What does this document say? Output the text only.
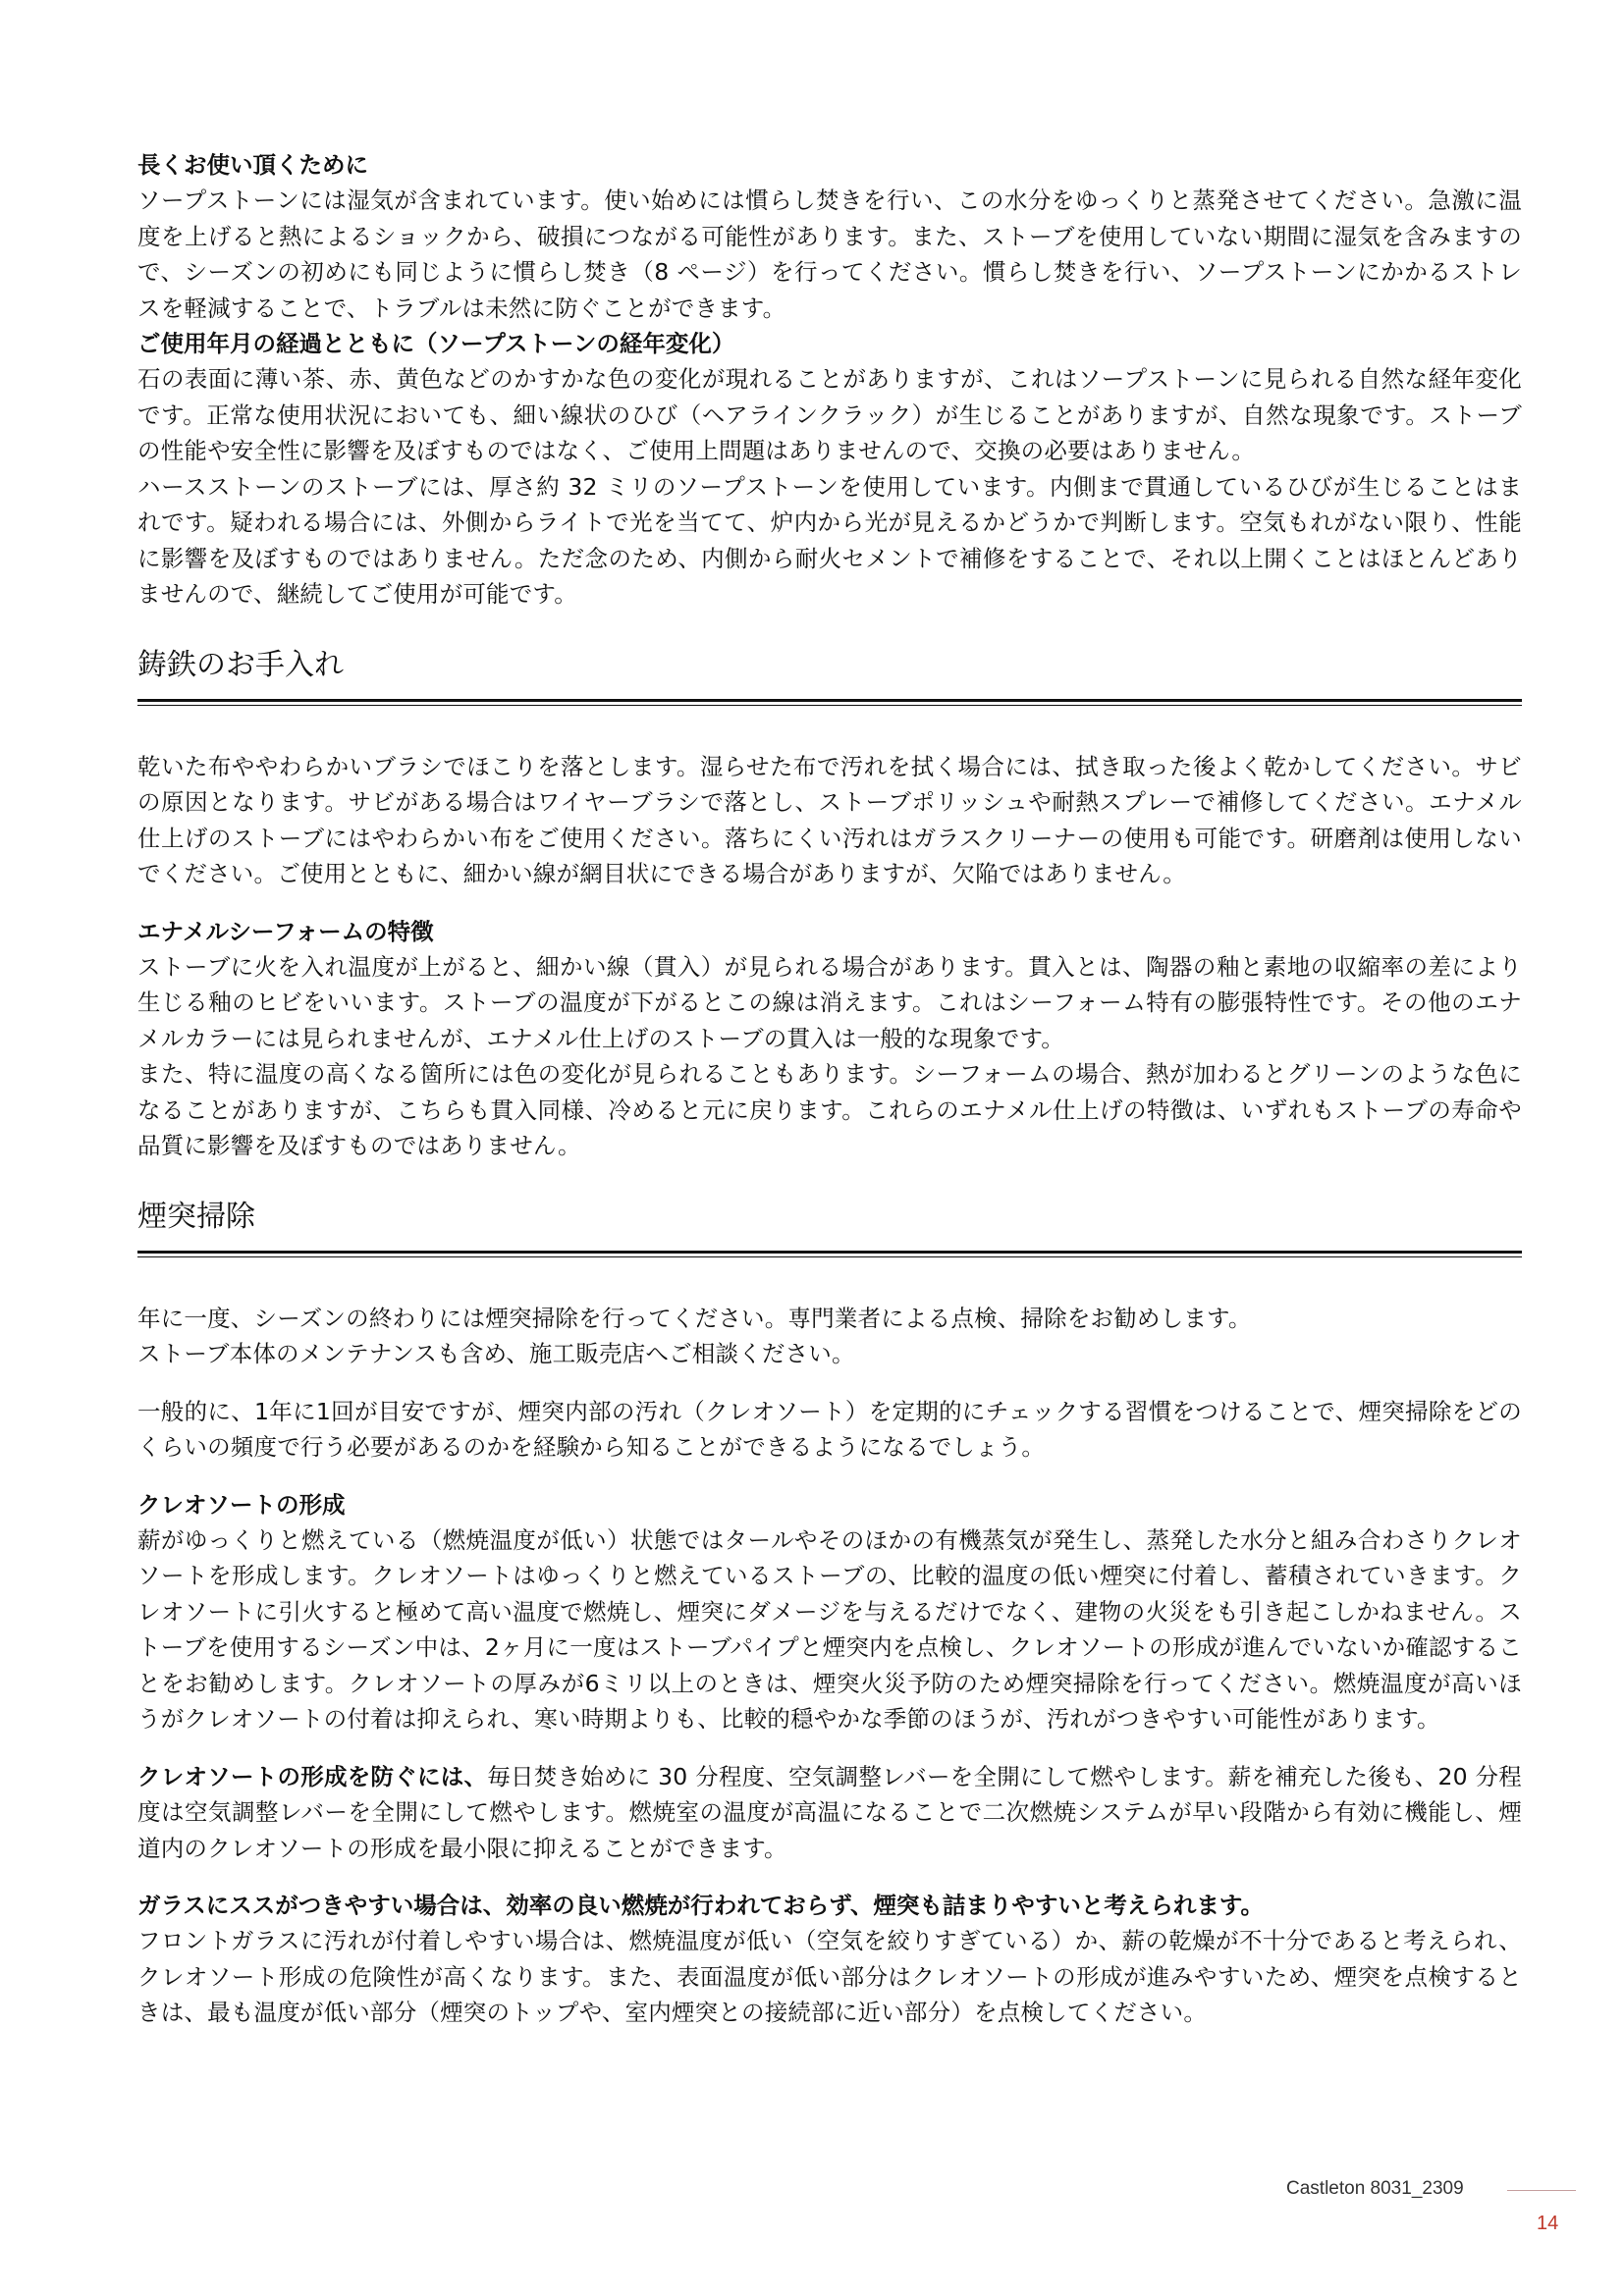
長くお使い頂くために

ソープストーンには湿気が含まれています。使い始めには慣らし焚きを行い、この水分をゆっくりと蒸発させてください。急激に温度を上げると熱によるショックから、破損につながる可能性があります。また、ストーブを使用していない期間に湿気を含みますので、シーズンの初めにも同じように慣らし焚き（8 ページ）を行ってください。慣らし焚きを行い、ソープストーンにかかるストレスを軽減することで、トラブルは未然に防ぐことができます。

ご使用年月の経過とともに（ソープストーンの経年変化）

石の表面に薄い茶、赤、黄色などのかすかな色の変化が現れることがありますが、これはソープストーンに見られる自然な経年変化です。正常な使用状況においても、細い線状のひび（ヘアラインクラック）が生じることがありますが、自然な現象です。ストーブの性能や安全性に影響を及ぼすものではなく、ご使用上問題はありませんので、交換の必要はありません。

ハースストーンのストーブには、厚さ約 32 ミリのソープストーンを使用しています。内側まで貫通しているひびが生じることはまれです。疑われる場合には、外側からライトで光を当てて、炉内から光が見えるかどうかで判断します。空気もれがない限り、性能に影響を及ぼすものではありません。ただ念のため、内側から耐火セメントで補修をすることで、それ以上開くことはほとんどありませんので、継続してご使用が可能です。

鋳鉄のお手入れ

乾いた布ややわらかいブラシでほこりを落とします。湿らせた布で汚れを拭く場合には、拭き取った後よく乾かしてください。サビの原因となります。サビがある場合はワイヤーブラシで落とし、ストーブポリッシュや耐熱スプレーで補修してください。エナメル仕上げのストーブにはやわらかい布をご使用ください。落ちにくい汚れはガラスクリーナーの使用も可能です。研磨剤は使用しないでください。ご使用とともに、細かい線が網目状にできる場合がありますが、欠陥ではありません。

エナメルシーフォームの特徴

ストーブに火を入れ温度が上がると、細かい線（貫入）が見られる場合があります。貫入とは、陶器の釉と素地の収縮率の差により生じる釉のヒビをいいます。ストーブの温度が下がるとこの線は消えます。これはシーフォーム特有の膨張特性です。その他のエナメルカラーには見られませんが、エナメル仕上げのストーブの貫入は一般的な現象です。

また、特に温度の高くなる箇所には色の変化が見られることもあります。シーフォームの場合、熱が加わるとグリーンのような色になることがありますが、こちらも貫入同様、冷めると元に戻ります。これらのエナメル仕上げの特徴は、いずれもストーブの寿命や品質に影響を及ぼすものではありません。

煙突掃除

年に一度、シーズンの終わりには煙突掃除を行ってください。専門業者による点検、掃除をお勧めします。

ストーブ本体のメンテナンスも含め、施工販売店へご相談ください。

一般的に、1年に1回が目安ですが、煙突内部の汚れ（クレオソート）を定期的にチェックする習慣をつけることで、煙突掃除をどのくらいの頻度で行う必要があるのかを経験から知ることができるようになるでしょう。

クレオソートの形成

薪がゆっくりと燃えている（燃焼温度が低い）状態ではタールやそのほかの有機蒸気が発生し、蒸発した水分と組み合わさりクレオソートを形成します。クレオソートはゆっくりと燃えているストーブの、比較的温度の低い煙突に付着し、蓄積されていきます。クレオソートに引火すると極めて高い温度で燃焼し、煙突にダメージを与えるだけでなく、建物の火災をも引き起こしかねません。ストーブを使用するシーズン中は、2ヶ月に一度はストーブパイプと煙突内を点検し、クレオソートの形成が進んでいないか確認することをお勧めします。クレオソートの厚みが6ミリ以上のときは、煙突火災予防のため煙突掃除を行ってください。燃焼温度が高いほうがクレオソートの付着は抑えられ、寒い時期よりも、比較的穏やかな季節のほうが、汚れがつきやすい可能性があります。

クレオソートの形成を防ぐには、毎日焚き始めに 30 分程度、空気調整レバーを全開にして燃やします。薪を補充した後も、20 分程度は空気調整レバーを全開にして燃やします。燃焼室の温度が高温になることで二次燃焼システムが早い段階から有効に機能し、煙道内のクレオソートの形成を最小限に抑えることができます。

ガラスにススがつきやすい場合は、効率の良い燃焼が行われておらず、煙突も詰まりやすいと考えられます。

フロントガラスに汚れが付着しやすい場合は、燃焼温度が低い（空気を絞りすぎている）か、薪の乾燥が不十分であると考えられ、クレオソート形成の危険性が高くなります。また、表面温度が低い部分はクレオソートの形成が進みやすいため、煙突を点検するときは、最も温度が低い部分（煙突のトップや、室内煙突との接続部に近い部分）を点検してください。

Castleton 8031_2309
14
